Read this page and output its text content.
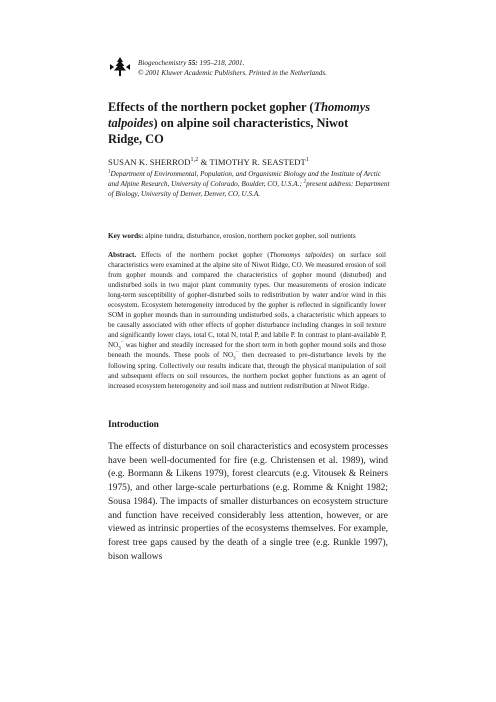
Biogeochemistry 55: 195–218, 2001.
© 2001 Kluwer Academic Publishers. Printed in the Netherlands.
Effects of the northern pocket gopher (Thomomys talpoides) on alpine soil characteristics, Niwot Ridge, CO
SUSAN K. SHERROD$^{1,2}$ & TIMOTHY R. SEASTEDT$^1$
$^1$Department of Environmental, Population, and Organismic Biology and the Institute of Arctic and Alpine Research, University of Colorado, Boulder, CO, U.S.A.; $^2$present address: Department of Biology, University of Denver, Denver, CO, U.S.A.
Key words: alpine tundra, disturbance, erosion, northern pocket gopher, soil nutrients

Abstract. Effects of the northern pocket gopher (Thomomys talpoides) on surface soil characteristics were examined at the alpine site of Niwot Ridge, CO. We measured erosion of soil from gopher mounds and compared the characteristics of gopher mound (disturbed) and undisturbed soils in two major plant community types. Our measurements of erosion indicate long-term susceptibility of gopher-disturbed soils to redistribution by water and/or wind in this ecosystem. Ecosystem heterogeneity introduced by the gopher is reflected in significantly lower SOM in gopher mounds than in surrounding undisturbed soils, a characteristic which appears to be causally associated with other effects of gopher disturbance including changes in soil texture and significantly lower clays, total C, total N, total P, and labile P. In contrast to plant-available P, $NO_3^-$ was higher and steadily increased for the short term in both gopher mound soils and those beneath the mounds. These pools of $NO_3^-$ then decreased to pre-disturbance levels by the following spring. Collectively our results indicate that, through the physical manipulation of soil and subsequent effects on soil resources, the northern pocket gopher functions as an agent of increased ecosystem heterogeneity and soil mass and nutrient redistribution at Niwot Ridge.

Introduction

The effects of disturbance on soil characteristics and ecosystem processes have been well-documented for fire (e.g. Christensen et al. 1989), wind (e.g. Bormann & Likens 1979), forest clearcuts (e.g. Vitousek & Reiners 1975), and other large-scale perturbations (e.g. Romme & Knight 1982; Sousa 1984). The impacts of smaller disturbances on ecosystem structure and function have received considerably less attention, however, or are viewed as intrinsic properties of the ecosystems themselves. For example, forest tree gaps caused by the death of a single tree (e.g. Runkle 1997), bison wallows
